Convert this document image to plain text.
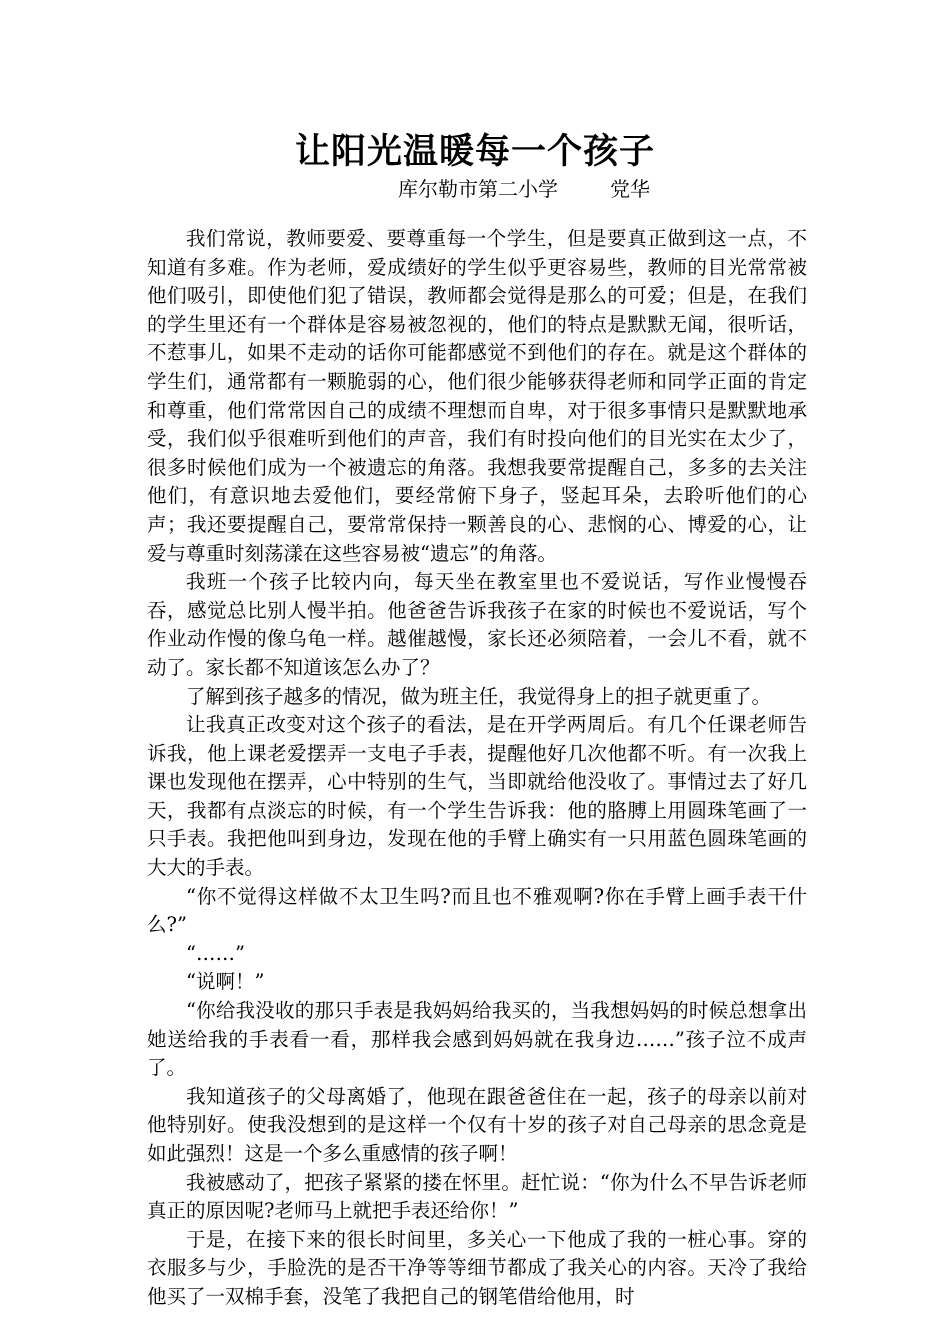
让阳光温暖每一个孩子
库尔勒市第二小学	党华

我们常说，教师要爱、要尊重每一个学生，但是要真正做到这一点，不知道有多难。作为老师，爱成绩好的学生似乎更容易些，教师的目光常常被他们吸引，即使他们犯了错误，教师都会觉得是那么的可爱；但是，在我们的学生里还有一个群体是容易被忽视的，他们的特点是默默无闻，很听话，不惹事儿，如果不走动的话你可能都感觉不到他们的存在。就是这个群体的学生们，通常都有一颗脆弱的心，他们很少能够获得老师和同学正面的肯定和尊重，他们常常因自己的成绩不理想而自卑，对于很多事情只是默默地承受，我们似乎很难听到他们的声音，我们有时投向他们的目光实在太少了，很多时候他们成为一个被遗忘的角落。我想我要常提醒自己，多多的去关注他们，有意识地去爱他们，要经常俯下身子，竖起耳朵，去聆听他们的心声；我还要提醒自己，要常常保持一颗善良的心、悲悯的心、博爱的心，让爱与尊重时刻荡漾在这些容易被“遗忘”的角落。

我班一个孩子比较内向，每天坐在教室里也不爱说话，写作业慢慢吞吞，感觉总比别人慢半拍。他爸爸告诉我孩子在家的时候也不爱说话，写个作业动作慢的像乌龟一样。越催越慢，家长还必须陪着，一会儿不看，就不动了。家长都不知道该怎么办了？

了解到孩子越多的情况，做为班主任，我觉得身上的担子就更重了。

让我真正改变对这个孩子的看法，是在开学两周后。有几个任课老师告诉我，他上课老爱摆弄一支电子手表，提醒他好几次他都不听。有一次我上课也发现他在摆弄，心中特别的生气，当即就给他没收了。事情过去了好几天，我都有点淡忘的时候，有一个学生告诉我：他的胳膊上用圆珠笔画了一只手表。我把他叫到身边，发现在他的手臂上确实有一只用蓝色圆珠笔画的大大的手表。

“你不觉得这样做不太卫生吗?而且也不雅观啊?你在手臂上画手表干什么?”

“……”

“说啊！”

“你给我没收的那只手表是我妈妈给我买的，当我想妈妈的时候总想拿出她送给我的手表看一看，那样我会感到妈妈就在我身边……”孩子泣不成声了。

我知道孩子的父母离婚了，他现在跟爸爸住在一起，孩子的母亲以前对他特别好。使我没想到的是这样一个仅有十岁的孩子对自己母亲的思念竟是如此强烈！这是一个多么重感情的孩子啊！

我被感动了，把孩子紧紧的搂在怀里。赶忙说：“你为什么不早告诉老师真正的原因呢?老师马上就把手表还给你！”

于是，在接下来的很长时间里，多关心一下他成了我的一桩心事。穿的衣服多与少，手脸洗的是否干净等等细节都成了我关心的内容。天冷了我给他买了一双棉手套，没笔了我把自己的钢笔借给他用，时
